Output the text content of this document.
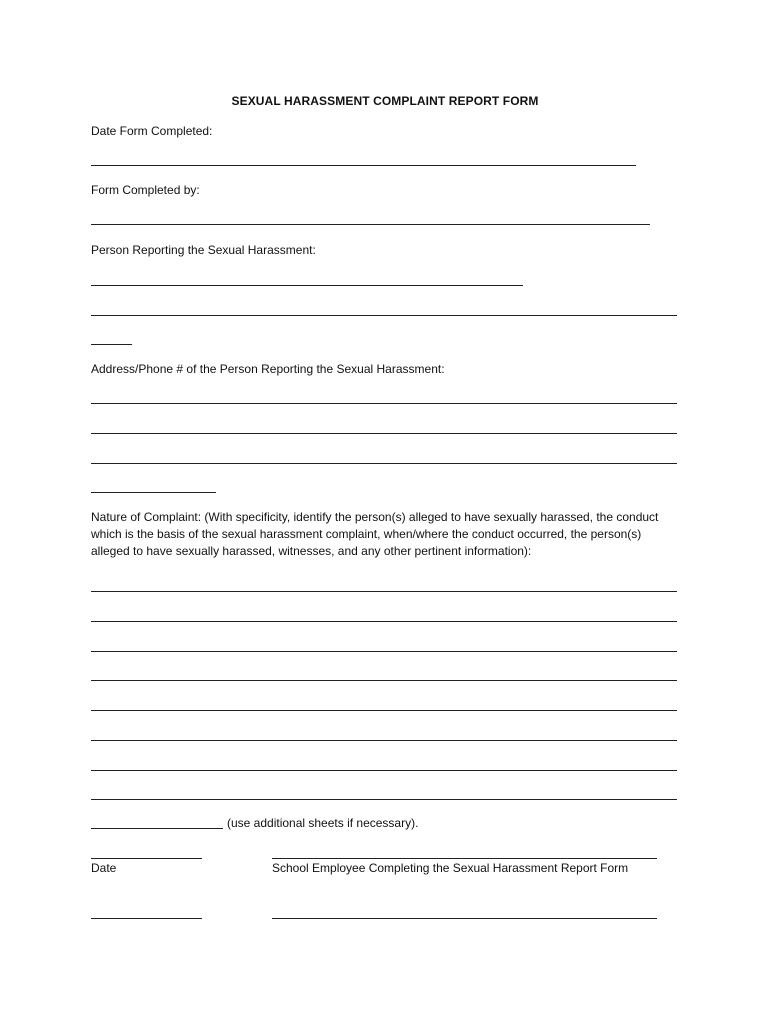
SEXUAL HARASSMENT COMPLAINT REPORT FORM
Date Form Completed:
Form Completed by:
Person Reporting the Sexual Harassment:
Address/Phone # of the Person Reporting the Sexual Harassment:
Nature of Complaint: (With specificity, identify the person(s) alleged to have sexually harassed, the conduct which is the basis of the sexual harassment complaint, when/where the conduct occurred, the person(s) alleged to have sexually harassed, witnesses, and any other pertinent information):
(use additional sheets if necessary).
Date	School Employee Completing the Sexual Harassment Report Form
